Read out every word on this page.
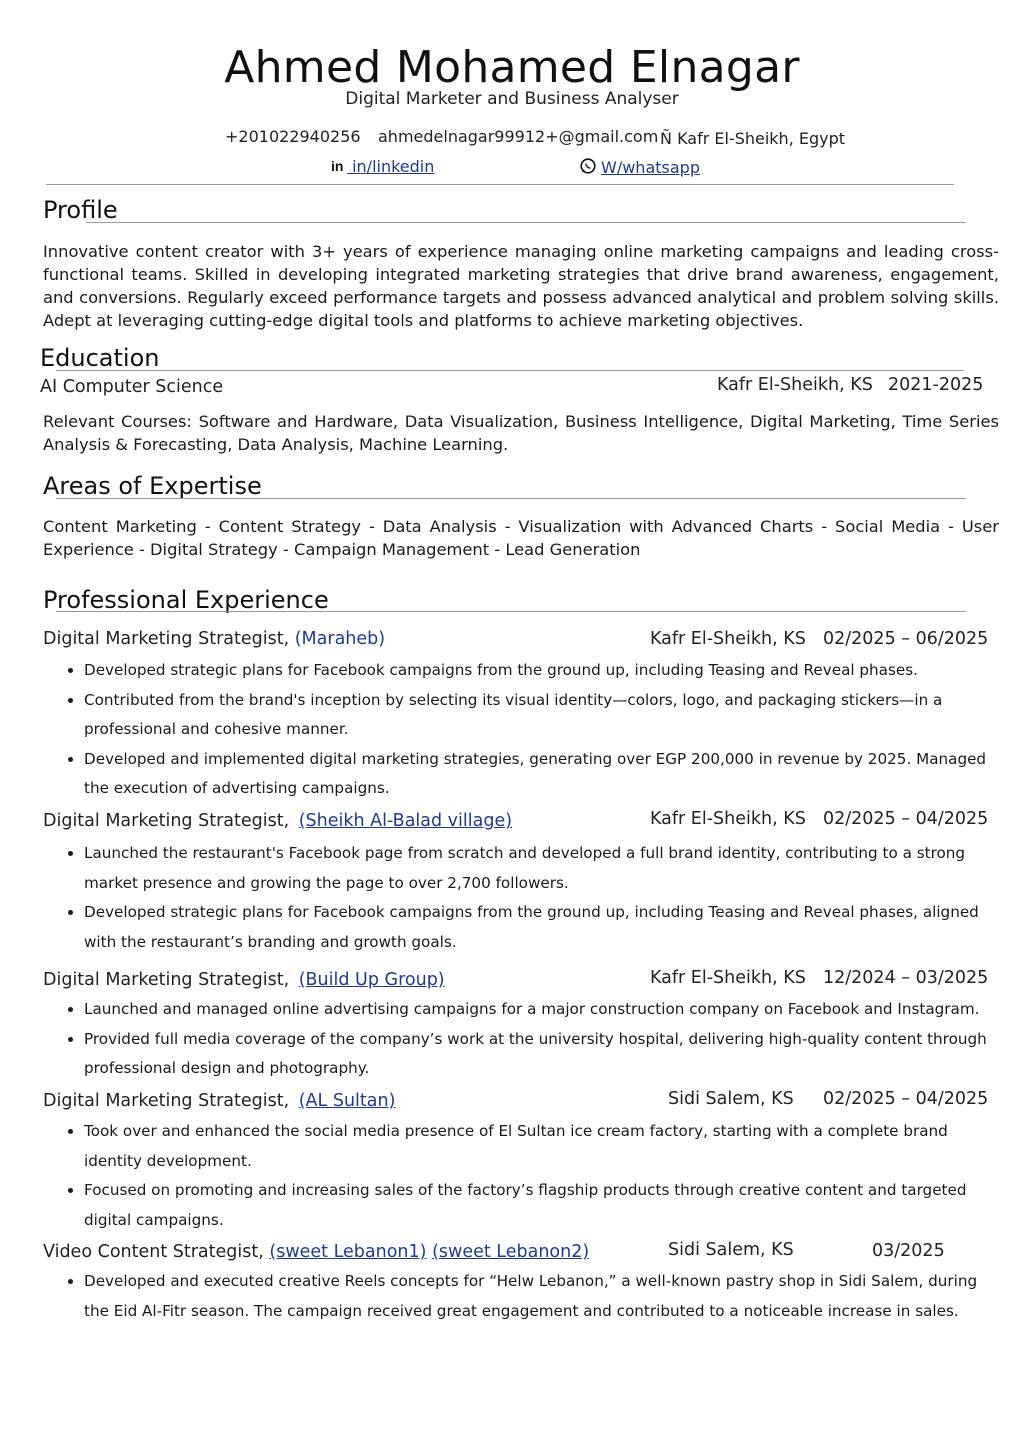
Ahmed Mohamed Elnagar
Digital Marketer and Business Analyser
+201022940256 ahmedelnagar99912+@gmail.com Ñ Kafr El-Sheikh, Egypt
in in/linkedin	W/whatsapp
Profile
Innovative content creator with 3+ years of experience managing online marketing campaigns and leading cross-functional teams. Skilled in developing integrated marketing strategies that drive brand awareness, engagement, and conversions. Regularly exceed performance targets and possess advanced analytical and problem solving skills. Adept at leveraging cutting-edge digital tools and platforms to achieve marketing objectives.
Education
AI Computer Science	Kafr El-Sheikh, KS 2021-2025
Relevant Courses: Software and Hardware, Data Visualization, Business Intelligence, Digital Marketing, Time Series Analysis & Forecasting, Data Analysis, Machine Learning.
Areas of Expertise
Content Marketing - Content Strategy - Data Analysis - Visualization with Advanced Charts - Social Media - User Experience - Digital Strategy - Campaign Management - Lead Generation
Professional Experience
Digital Marketing Strategist, (Maraheb)	Kafr El-Sheikh, KS 02/2025 – 06/2025
• Developed strategic plans for Facebook campaigns from the ground up, including Teasing and Reveal phases.
• Contributed from the brand's inception by selecting its visual identity—colors, logo, and packaging stickers—in a professional and cohesive manner.
• Developed and implemented digital marketing strategies, generating over EGP 200,000 in revenue by 2025. Managed the execution of advertising campaigns.
Digital Marketing Strategist, (Sheikh Al-Balad village)	Kafr El-Sheikh, KS 02/2025 – 04/2025
• Launched the restaurant's Facebook page from scratch and developed a full brand identity, contributing to a strong market presence and growing the page to over 2,700 followers.
• Developed strategic plans for Facebook campaigns from the ground up, including Teasing and Reveal phases, aligned with the restaurant’s branding and growth goals.
Digital Marketing Strategist, (Build Up Group)	Kafr El-Sheikh, KS 12/2024 – 03/2025
• Launched and managed online advertising campaigns for a major construction company on Facebook and Instagram.
• Provided full media coverage of the company’s work at the university hospital, delivering high-quality content through professional design and photography.
Digital Marketing Strategist, (AL Sultan)	Sidi Salem, KS 02/2025 – 04/2025
• Took over and enhanced the social media presence of El Sultan ice cream factory, starting with a complete brand identity development.
• Focused on promoting and increasing sales of the factory’s flagship products through creative content and targeted digital campaigns.
Video Content Strategist, (sweet Lebanon1) (sweet Lebanon2)	Sidi Salem, KS	03/2025
• Developed and executed creative Reels concepts for “Helw Lebanon,” a well-known pastry shop in Sidi Salem, during the Eid Al-Fitr season. The campaign received great engagement and contributed to a noticeable increase in sales.
